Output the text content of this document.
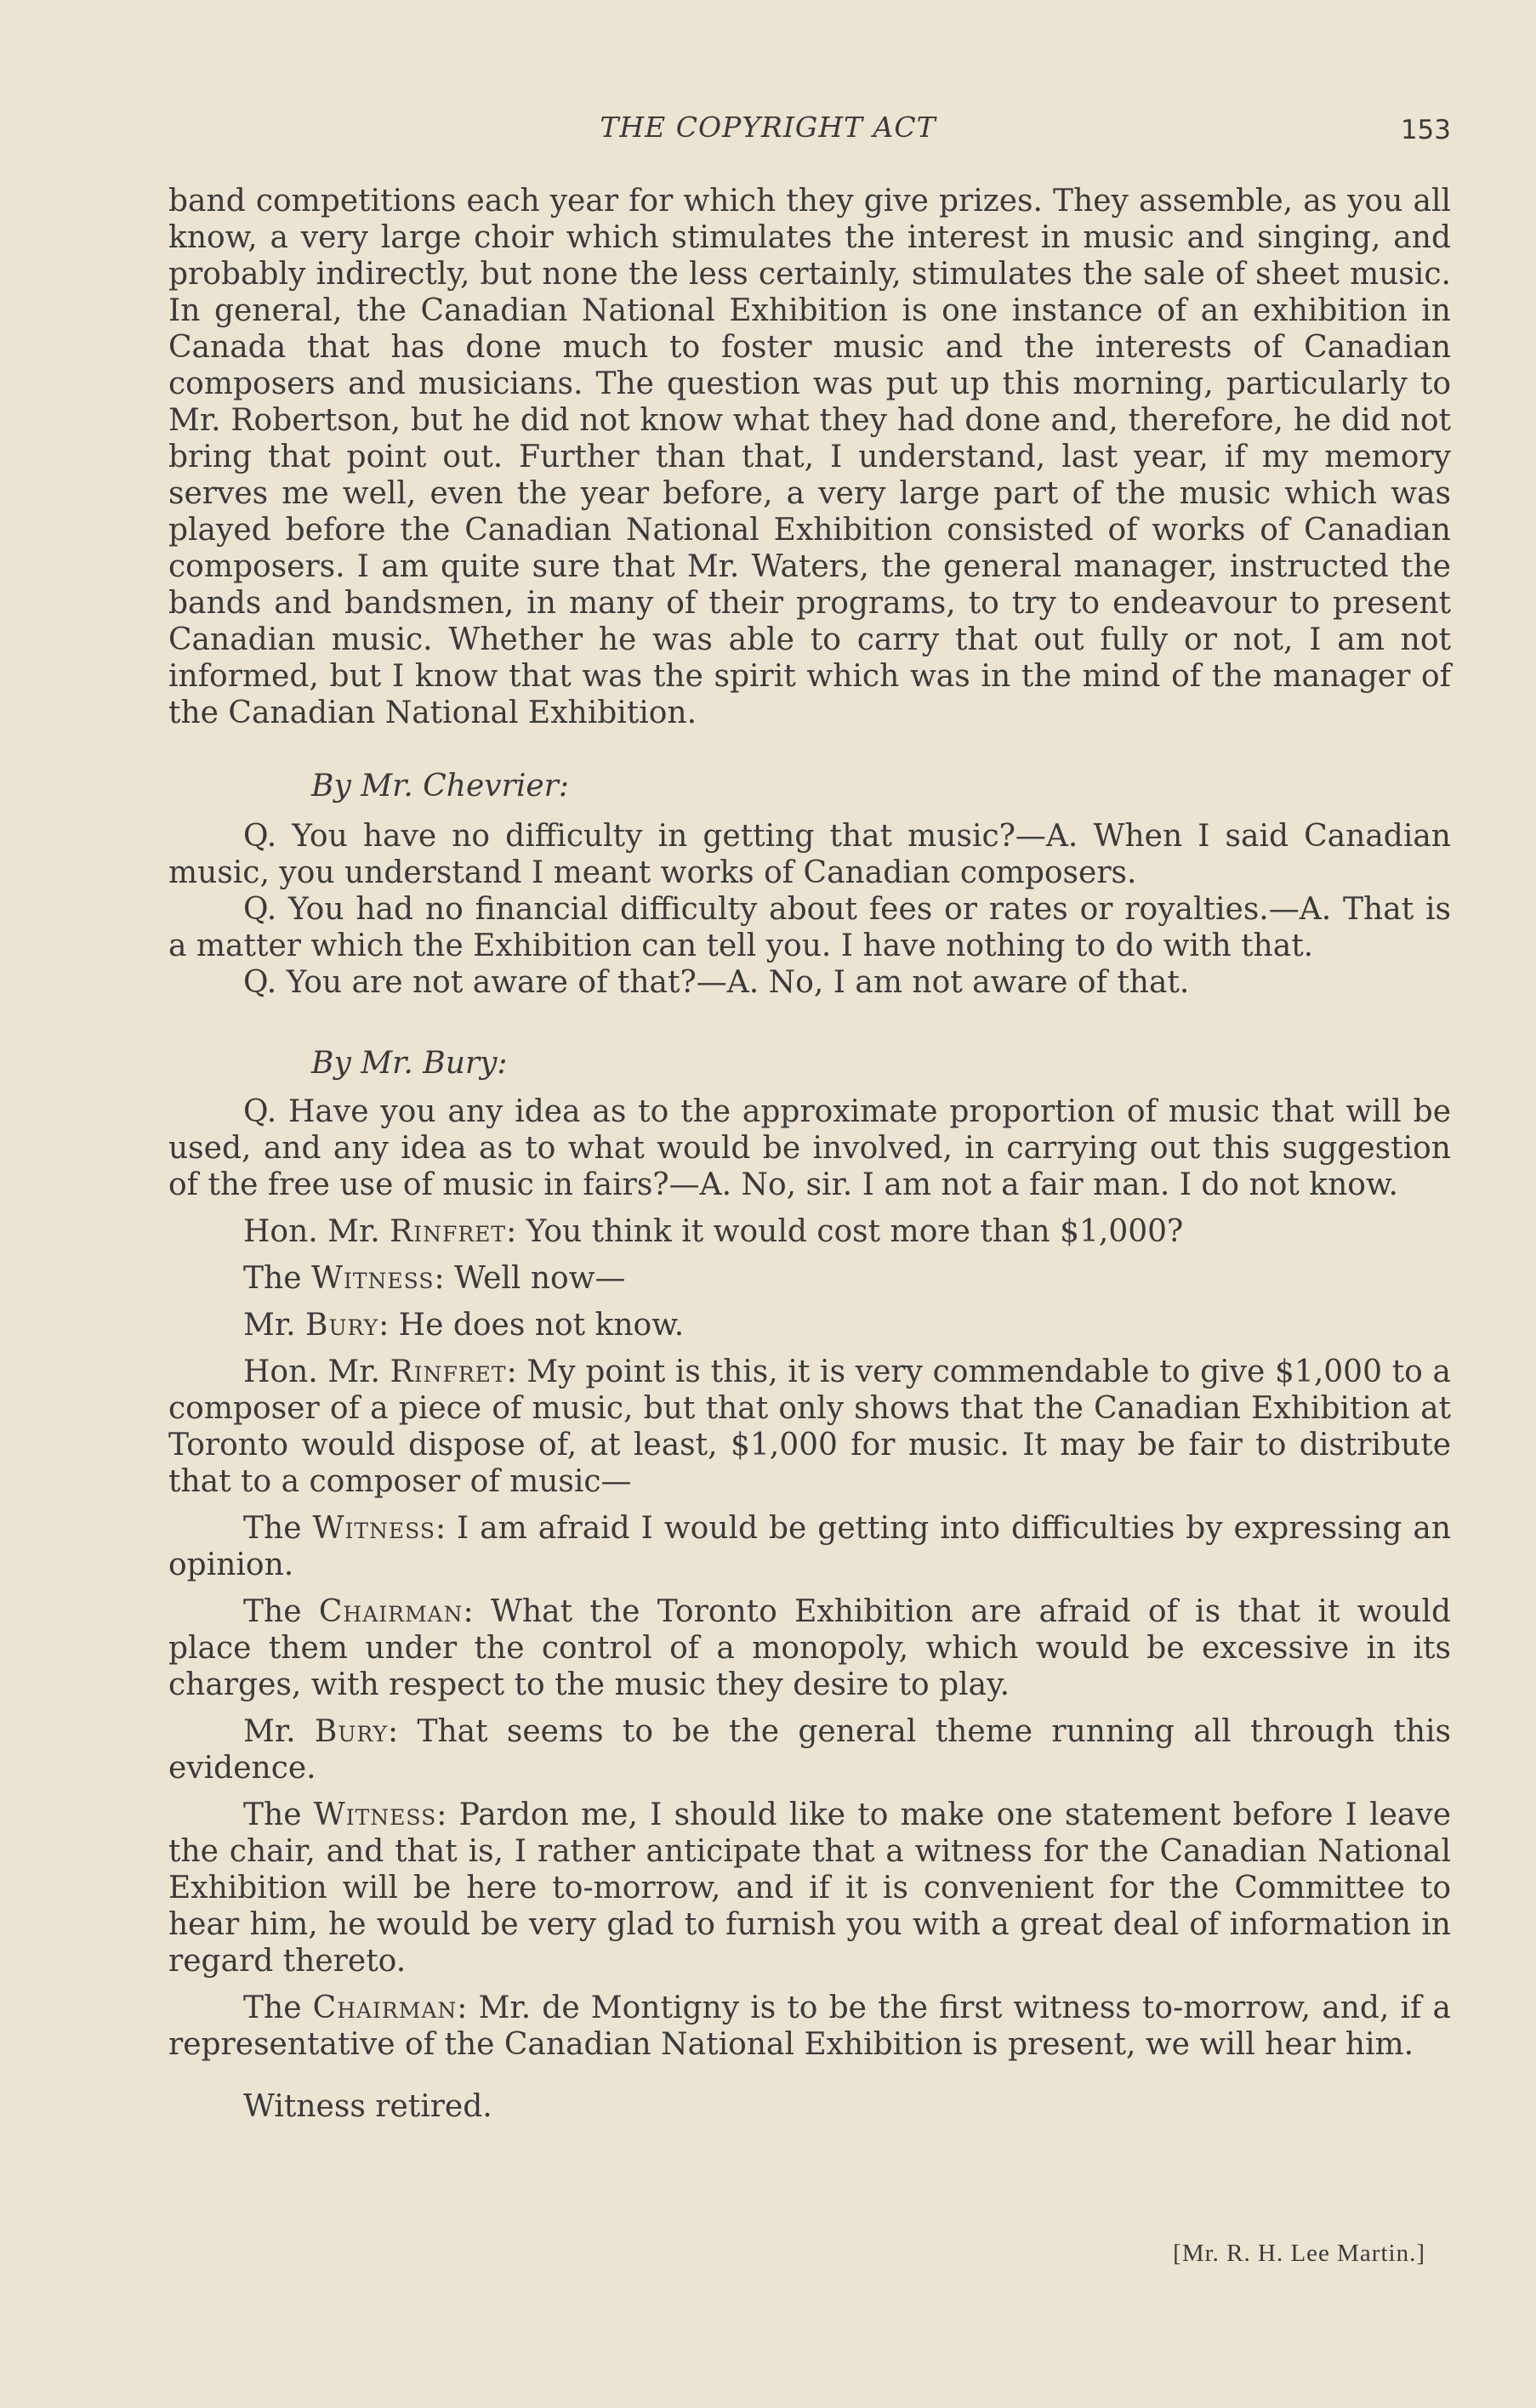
THE COPYRIGHT ACT	153

band competitions each year for which they give prizes. They assemble, as you all know, a very large choir which stimulates the interest in music and singing, and probably indirectly, but none the less certainly, stimulates the sale of sheet music. In general, the Canadian National Exhibition is one instance of an exhibition in Canada that has done much to foster music and the interests of Canadian composers and musicians. The question was put up this morning, particularly to Mr. Robertson, but he did not know what they had done and, therefore, he did not bring that point out. Further than that, I understand, last year, if my memory serves me well, even the year before, a very large part of the music which was played before the Canadian National Exhibition consisted of works of Canadian composers. I am quite sure that Mr. Waters, the general manager, instructed the bands and bandsmen, in many of their programs, to try to endeavour to present Canadian music. Whether he was able to carry that out fully or not, I am not informed, but I know that was the spirit which was in the mind of the manager of the Canadian National Exhibition.

By Mr. Chevrier:

Q. You have no difficulty in getting that music?—A. When I said Canadian music, you understand I meant works of Canadian composers.

Q. You had no financial difficulty about fees or rates or royalties.—A. That is a matter which the Exhibition can tell you. I have nothing to do with that.

Q. You are not aware of that?—A. No, I am not aware of that.

By Mr. Bury:

Q. Have you any idea as to the approximate proportion of music that will be used, and any idea as to what would be involved, in carrying out this suggestion of the free use of music in fairs?—A. No, sir. I am not a fair man. I do not know.

Hon. Mr. Rinfret: You think it would cost more than $1,000?

The Witness: Well now—

Mr. Bury: He does not know.

Hon. Mr. Rinfret: My point is this, it is very commendable to give $1,000 to a composer of a piece of music, but that only shows that the Canadian Exhibition at Toronto would dispose of, at least, $1,000 for music. It may be fair to distribute that to a composer of music—

The Witness: I am afraid I would be getting into difficulties by expressing an opinion.

The Chairman: What the Toronto Exhibition are afraid of is that it would place them under the control of a monopoly, which would be excessive in its charges, with respect to the music they desire to play.

Mr. Bury: That seems to be the general theme running all through this evidence.

The Witness: Pardon me, I should like to make one statement before I leave the chair, and that is, I rather anticipate that a witness for the Canadian National Exhibition will be here to-morrow, and if it is convenient for the Committee to hear him, he would be very glad to furnish you with a great deal of information in regard thereto.

The Chairman: Mr. de Montigny is to be the first witness to-morrow, and, if a representative of the Canadian National Exhibition is present, we will hear him.

Witness retired.

[Mr. R. H. Lee Martin.]
